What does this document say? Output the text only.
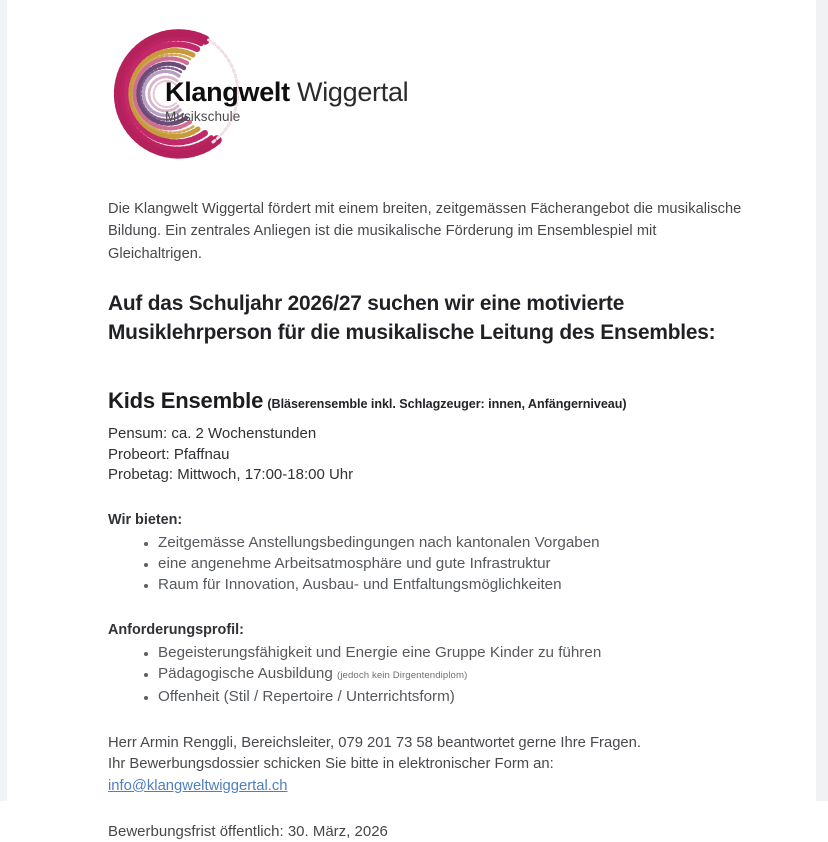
Klangwelt Wiggertal
Musikschule

Die Klangwelt Wiggertal fördert mit einem breiten, zeitgemässen Fächerangebot die musikalische Bildung. Ein zentrales Anliegen ist die musikalische Förderung im Ensemblespiel mit Gleichaltrigen.

Auf das Schuljahr 2026/27 suchen wir eine motivierte Musiklehrperson für die musikalische Leitung des Ensembles:
Kids Ensemble (Bläserensemble inkl. Schlagzeuger: innen, Anfängerniveau)
Pensum: ca. 2 Wochenstunden
Probeort: Pfaffnau
Probetag: Mittwoch, 17:00-18:00 Uhr
Wir bieten:
Zeitgemässe Anstellungsbedingungen nach kantonalen Vorgaben
eine angenehme Arbeitsatmosphäre und gute Infrastruktur
Raum für Innovation, Ausbau- und Entfaltungsmöglichkeiten
Anforderungsprofil:
Begeisterungsfähigkeit und Energie eine Gruppe Kinder zu führen
Pädagogische Ausbildung (jedoch kein Dirgentendiplom)
Offenheit (Stil / Repertoire / Unterrichtsform)
Herr Armin Renggli, Bereichsleiter, 079 201 73 58 beantwortet gerne Ihre Fragen.
Ihr Bewerbungsdossier schicken Sie bitte in elektronischer Form an:
info@klangweltwiggertal.ch
Bewerbungsfrist öffentlich: 30. März, 2026
